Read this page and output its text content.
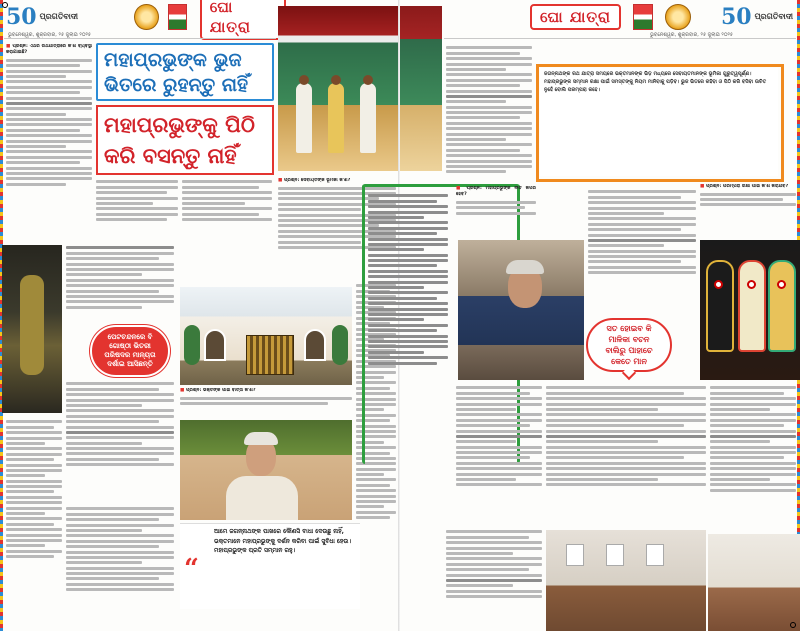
50 ପ୍ରଗତିବାଦୀ
ଘୋ ଯାତ୍ରା
ଭୁବନେଶ୍ୱର, ଶୁକ୍ରବାର, ୨୫ ଜୁଲାଇ ୨୦୨୫

■ ପ୍ରଶ୍ନ: ଏଥର ରଥଯାତ୍ରାରେ କ'ଣ ବ୍ୟବସ୍ଥା କରାଯାଇଛି?	ମହାପ୍ରଭୁଙ୍କ ଭୁଜ
ଭିତରେ ରୁହନ୍ତୁ ନାହିଁ
ମହାପ୍ରଭୁଙ୍କୁ ପିଠି
କରି ବସନ୍ତୁ ନାହିଁ

■ ପ୍ରଶ୍ନ: ସେବାୟତଙ୍କ ଭୂମିକା କ'ଣ?

ପେଟଚନ୍ଦନରେ ବି ଗୋଷ୍ଠୀ ଭିତରୀ ପରିଷଦର ମାନ୍ୟତା ଦର୍ଶାଇ ଆସିଛନ୍ତି

■ ପ୍ରଶ୍ନ: ଭକ୍ତଙ୍କ ପାଇଁ ବାର୍ତ୍ତା କ'ଣ?

“
ଆମେ ଜଗନ୍ନାଥଙ୍କ ପାଖରେ କୌଣସି ବାଧା ଦେଉଛୁ ନାହିଁ, ଭକ୍ତମାନେ ମହାପ୍ରଭୁଙ୍କୁ ଦର୍ଶନ କରିବା ପାଇଁ ସୁବିଧା ହେଉ। ମହାପ୍ରଭୁଙ୍କ ପ୍ରତି ସମ୍ମାନ ରହୁ।
ଘୋ ଯାତ୍ରା	50 ପ୍ରଗତିବାଦୀ
ଭୁବନେଶ୍ୱର, ଶୁକ୍ରବାର, ୨୫ ଜୁଲାଇ ୨୦୨୫
ଜଗନ୍ନାଥଙ୍କ ରଥ ଯାତ୍ରା ସମୟରେ ଭକ୍ତମାନଙ୍କ ଭିଡ଼ ମଧ୍ୟରେ ସେବାୟତମାନଙ୍କ ଭୂମିକା ଗୁରୁତ୍ୱପୂର୍ଣ୍ଣ। ମହାପ୍ରଭୁଙ୍କ ସମ୍ମାନ ରକ୍ଷା ପାଇଁ ସମସ୍ତଙ୍କୁ ନିୟମ ମାନିବାକୁ ପଡ଼ିବ। ଭୁଜ ଭିତରେ ରହିବା ଓ ପିଠି କରି ବସିବା ଉଚିତ ନୁହେଁ ବୋଲି ପରମ୍ପରା କହେ।

■ ପ୍ରଶ୍ନ: ମହାପ୍ରଭୁଙ୍କ ନୀତି କିପରି ହେବ?

■ ପ୍ରଶ୍ନ: ପରମ୍ପରା ରକ୍ଷା ପାଇଁ କ'ଣ କରାଯିବ?

ସତ ହୋଇବ କି
ମାଳିକା ବଚନ
ବାଲିରୁ ପାହାଚେ
କେତେ ମାନ
